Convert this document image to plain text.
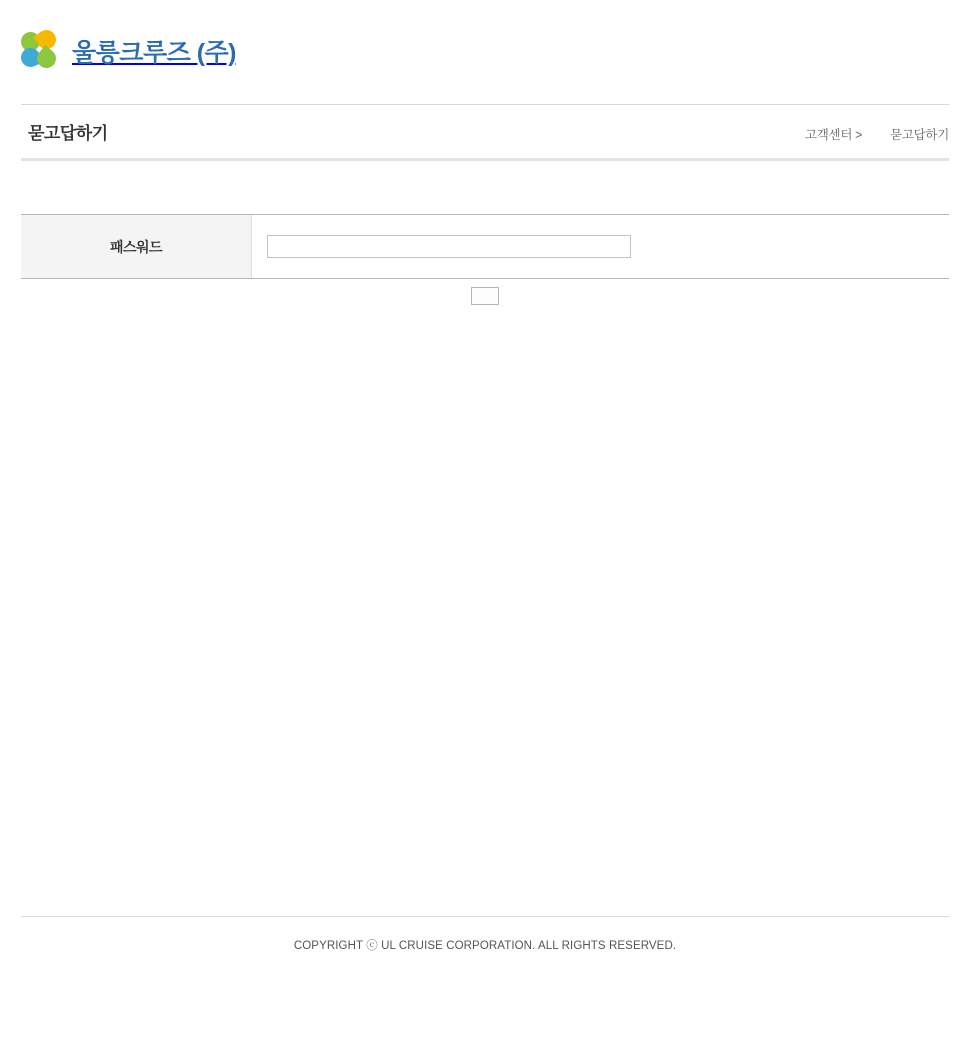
울릉크루즈 (주)
묻고답하기	고객센터 > 묻고답하기
패스워드
COPYRIGHT ⓒ UL CRUISE CORPORATION. ALL RIGHTS RESERVED.
